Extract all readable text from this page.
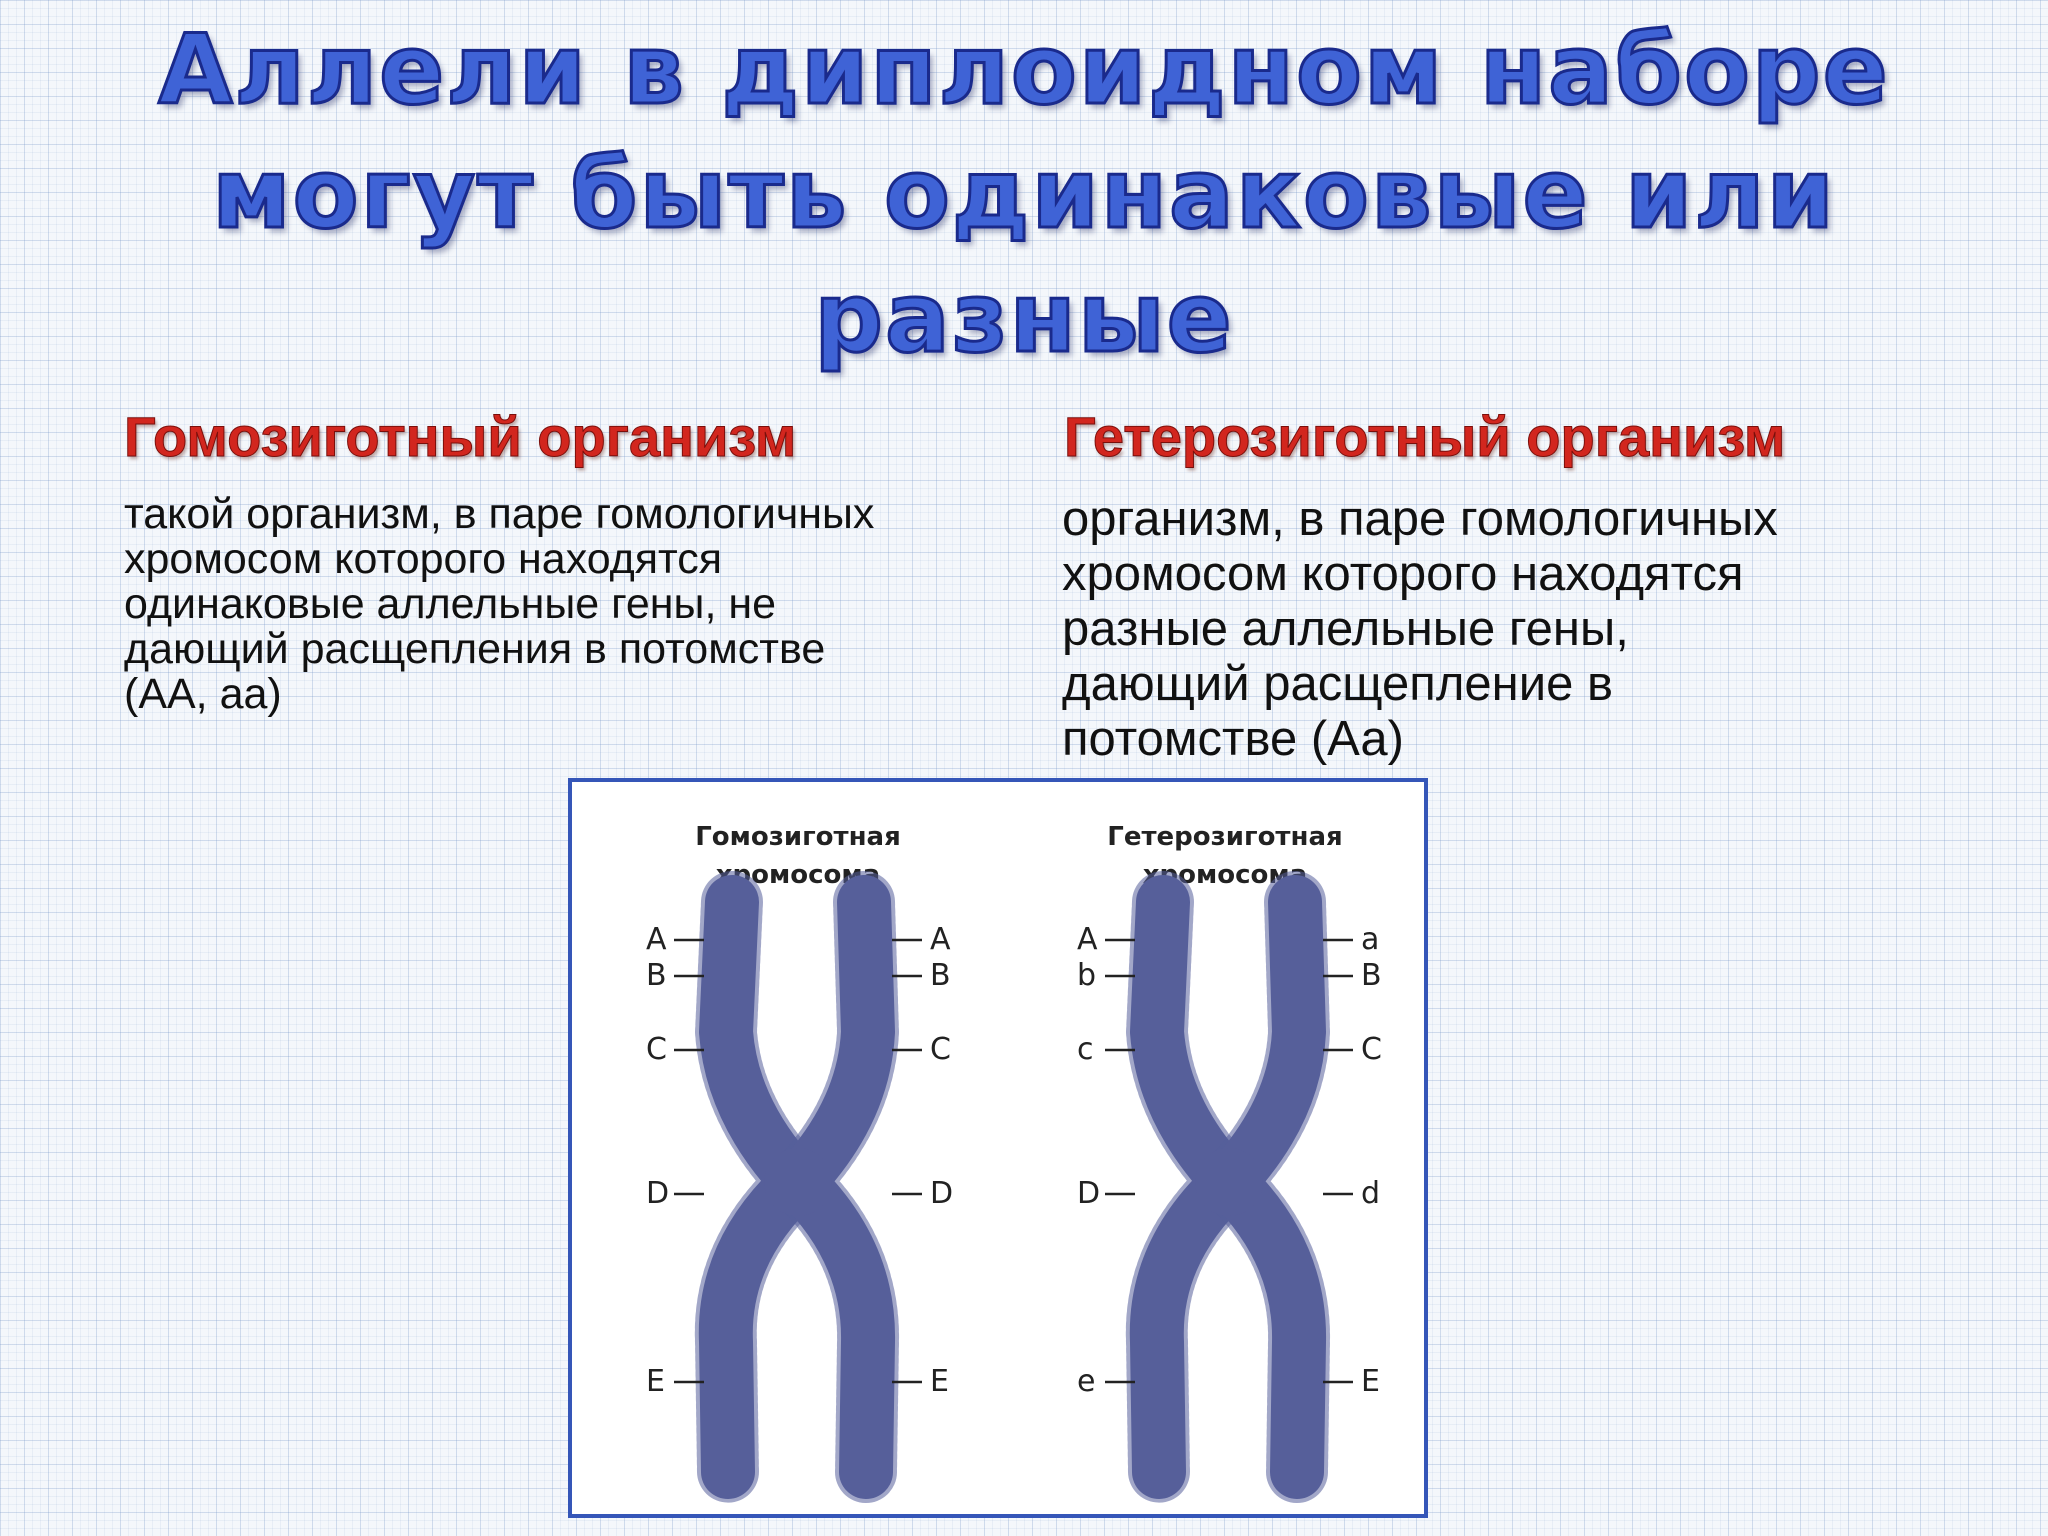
Аллели в диплоидном наборе
могут быть одинаковые или
разные
Гомозиготный организм	Гетерозиготный организм
такой организм, в паре гомологичных
хромосом которого находятся
одинаковые аллельные гены, не
дающий расщепления в потомстве
(АА, аа)
организм, в паре гомологичных
хромосом которого находятся
разные аллельные гены,
дающий расщепление в
потомстве (Аа)
Гомозиготная
хромосома
Гетерозиготная
хромосома
A	A	A	a
B	B	b	B
C	C	c	C
D	D	D	d
E	E	e	E
